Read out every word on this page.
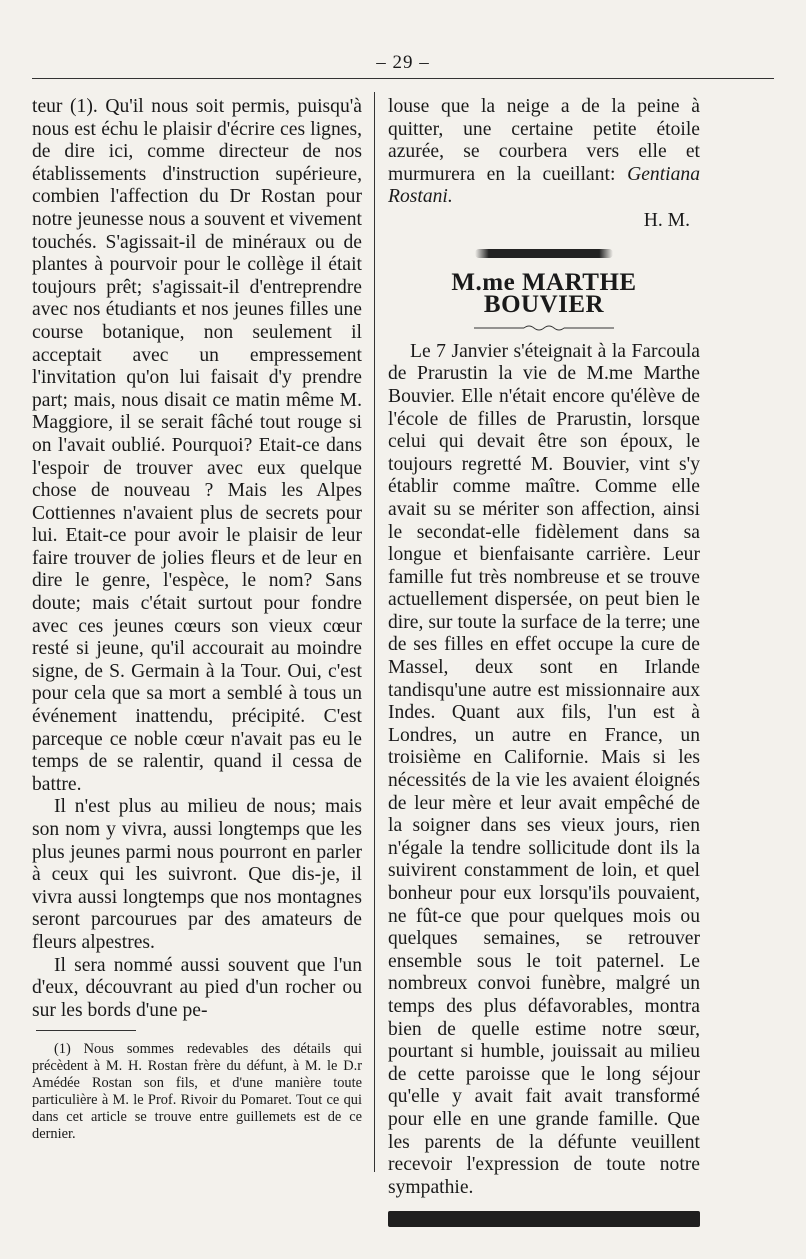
– 29 –

teur (1). Qu'il nous soit permis, puisqu'à nous est échu le plaisir d'écrire ces lignes, de dire ici, comme directeur de nos établissements d'instruction supérieure, combien l'affection du Dr Rostan pour notre jeunesse nous a souvent et vivement touchés. S'agissait-il de minéraux ou de plantes à pourvoir pour le collège il était toujours prêt; s'agissait-il d'entreprendre avec nos étudiants et nos jeunes filles une course botanique, non seulement il acceptait avec un empressement l'invitation qu'on lui faisait d'y prendre part; mais, nous disait ce matin même M. Maggiore, il se serait fâché tout rouge si on l'avait oublié. Pourquoi? Etait-ce dans l'espoir de trouver avec eux quelque chose de nouveau ? Mais les Alpes Cottiennes n'avaient plus de secrets pour lui. Etait-ce pour avoir le plaisir de leur faire trouver de jolies fleurs et de leur en dire le genre, l'espèce, le nom? Sans doute; mais c'était surtout pour fondre avec ces jeunes cœurs son vieux cœur resté si jeune, qu'il accourait au moindre signe, de S. Germain à la Tour. Oui, c'est pour cela que sa mort a semblé à tous un événement inattendu, précipité. C'est parceque ce noble cœur n'avait pas eu le temps de se ralentir, quand il cessa de battre.

Il n'est plus au milieu de nous; mais son nom y vivra, aussi longtemps que les plus jeunes parmi nous pourront en parler à ceux qui les suivront. Que dis-je, il vivra aussi longtemps que nos montagnes seront parcourues par des amateurs de fleurs alpestres.

Il sera nommé aussi souvent que l'un d'eux, découvrant au pied d'un rocher ou sur les bords d'une pe-

(1) Nous sommes redevables des détails qui précèdent à M. H. Rostan frère du défunt, à M. le D.r Amédée Rostan son fils, et d'une manière toute particulière à M. le Prof. Rivoir du Pomaret. Tout ce qui dans cet article se trouve entre guillemets est de ce dernier.

louse que la neige a de la peine à quitter, une certaine petite étoile azurée, se courbera vers elle et murmurera en la cueillant: Gentiana Rostani.

H. M.

M.me MARTHE BOUVIER

Le 7 Janvier s'éteignait à la Farcoula de Prarustin la vie de M.me Marthe Bouvier. Elle n'était encore qu'élève de l'école de filles de Prarustin, lorsque celui qui devait être son époux, le toujours regretté M. Bouvier, vint s'y établir comme maître. Comme elle avait su se mériter son affection, ainsi le secondat-elle fidèlement dans sa longue et bienfaisante carrière. Leur famille fut très nombreuse et se trouve actuellement dispersée, on peut bien le dire, sur toute la surface de la terre; une de ses filles en effet occupe la cure de Massel, deux sont en Irlande tandisqu'une autre est missionnaire aux Indes. Quant aux fils, l'un est à Londres, un autre en France, un troisième en Californie. Mais si les nécessités de la vie les avaient éloignés de leur mère et leur avait empêché de la soigner dans ses vieux jours, rien n'égale la tendre sollicitude dont ils la suivirent constamment de loin, et quel bonheur pour eux lorsqu'ils pouvaient, ne fût-ce que pour quelques mois ou quelques semaines, se retrouver ensemble sous le toit paternel. Le nombreux convoi funèbre, malgré un temps des plus défavorables, montra bien de quelle estime notre sœur, pourtant si humble, jouissait au milieu de cette paroisse que le long séjour qu'elle y avait fait avait transformé pour elle en une grande famille. Que les parents de la défunte veuillent recevoir l'expression de toute notre sympathie.
